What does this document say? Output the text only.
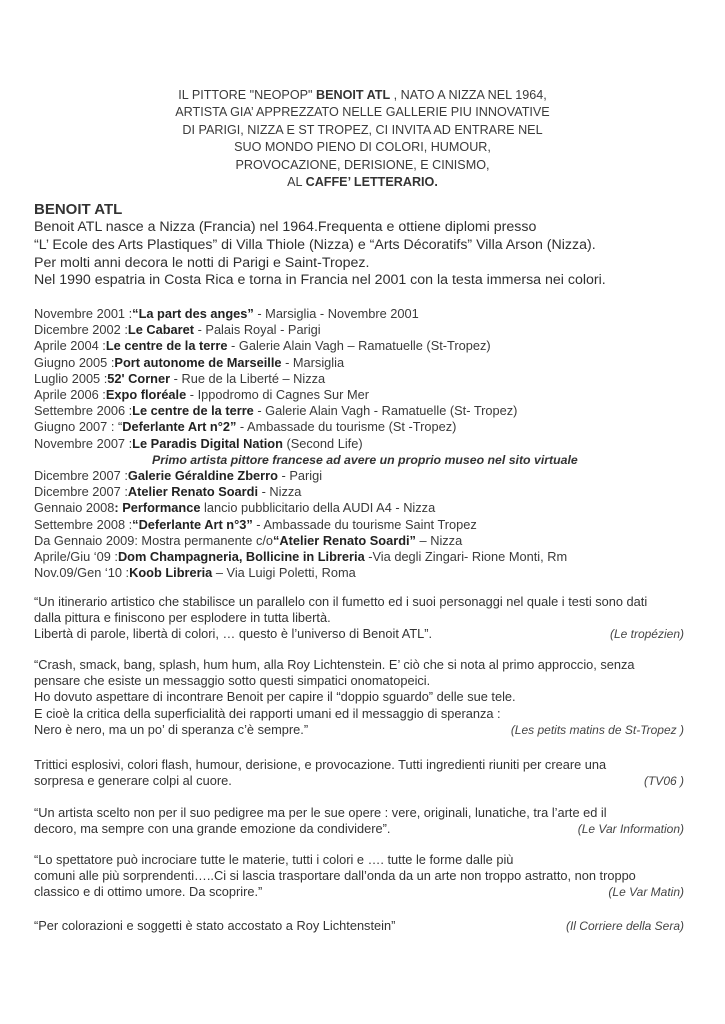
IL PITTORE "NEOPOP" BENOIT ATL , NATO A NIZZA NEL 1964,
ARTISTA GIA’ APPREZZATO NELLE GALLERIE PIU INNOVATIVE
DI PARIGI, NIZZA E ST TROPEZ, CI INVITA AD ENTRARE NEL
SUO MONDO PIENO DI COLORI, HUMOUR,
PROVOCAZIONE, DERISIONE, E CINISMO,
AL CAFFE’ LETTERARIO.
BENOIT ATL
Benoit ATL nasce a Nizza (Francia) nel 1964.Frequenta e ottiene diplomi presso
“L’ Ecole des Arts Plastiques” di Villa Thiole (Nizza) e “Arts Décoratifs” Villa Arson (Nizza).
Per molti anni decora le notti di Parigi e Saint-Tropez.
Nel 1990 espatria in Costa Rica e torna in Francia nel 2001 con la testa immersa nei colori.
Novembre 2001 :“La part des anges” - Marsiglia - Novembre 2001
Dicembre 2002 :Le Cabaret - Palais Royal - Parigi
Aprile 2004 :Le centre de la terre - Galerie Alain Vagh – Ramatuelle (St-Tropez)
Giugno 2005 :Port autonome de Marseille - Marsiglia
Luglio 2005 :52' Corner - Rue de la Liberté – Nizza
Aprile 2006 :Expo floréale - Ippodromo di Cagnes Sur Mer
Settembre 2006 :Le centre de la terre - Galerie Alain Vagh - Ramatuelle (St- Tropez)
Giugno 2007 : “Deferlante Art n°2” - Ambassade du tourisme (St -Tropez)
Novembre 2007 :Le Paradis Digital Nation (Second Life)
Primo artista pittore francese ad avere un proprio museo nel sito virtuale
Dicembre 2007 :Galerie Géraldine Zberro - Parigi
Dicembre 2007 :Atelier Renato Soardi - Nizza
Gennaio 2008: Performance lancio pubblicitario della AUDI A4 - Nizza
Settembre 2008 :“Deferlante Art n°3” - Ambassade du tourisme Saint Tropez
Da Gennaio 2009: Mostra permanente c/o“Atelier Renato Soardi” – Nizza
Aprile/Giu ‘09 :Dom Champagneria, Bollicine in Libreria -Via degli Zingari- Rione Monti, Rm
Nov.09/Gen ‘10 :Koob Libreria – Via Luigi Poletti, Roma
“Un itinerario artistico che stabilisce un parallelo con il fumetto ed i suoi personaggi nel quale i testi sono dati
dalla pittura e finiscono per esplodere in tutta libertà.
Libertà di parole, libertà di colori, … questo è l’universo di Benoit ATL”.	(Le tropézien)
“Crash, smack, bang, splash, hum hum, alla Roy Lichtenstein. E’ ciò che si nota al primo approccio, senza
pensare che esiste un messaggio sotto questi simpatici onomatopeici.
Ho dovuto aspettare di incontrare Benoit per capire il “doppio sguardo” delle sue tele.
E cioè la critica della superficialità dei rapporti umani ed il messaggio di speranza :
Nero è nero, ma un po’ di speranza c’è sempre.”	(Les petits matins de St-Tropez )
Trittici esplosivi, colori flash, humour, derisione, e provocazione. Tutti ingredienti riuniti per creare una
sorpresa e generare colpi al cuore.	(TV06 )
“Un artista scelto non per il suo pedigree ma per le sue opere : vere, originali, lunatiche, tra l’arte ed il
decoro, ma sempre con una grande emozione da condividere”.	(Le Var Information)
“Lo spettatore può incrociare tutte le materie, tutti i colori e …. tutte le forme dalle più
comuni alle più sorprendenti…..Ci si lascia trasportare dall’onda da un arte non troppo astratto, non troppo
classico e di ottimo umore. Da scoprire.”	(Le Var Matin)
“Per colorazioni e soggetti è stato accostato a Roy Lichtenstein”	(Il Corriere della Sera)
